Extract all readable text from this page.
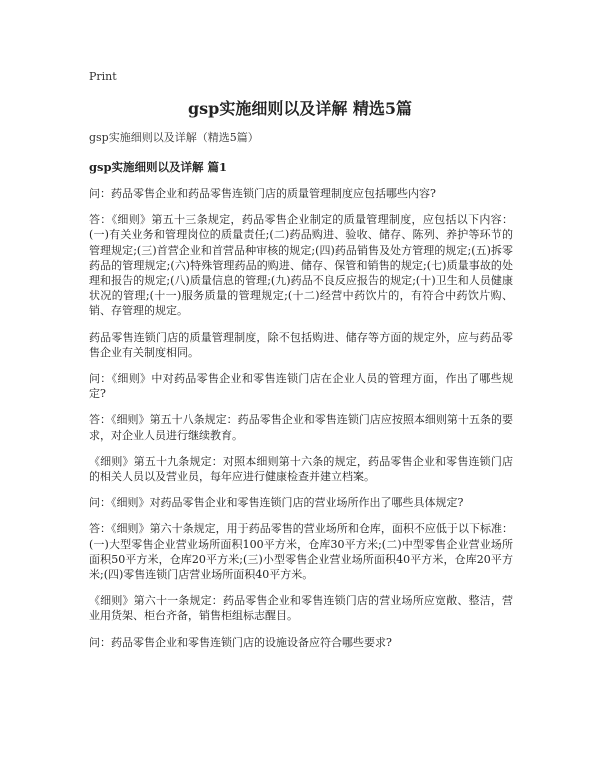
Print
gsp实施细则以及详解 精选5篇

gsp实施细则以及详解（精选5篇）

gsp实施细则以及详解 篇1

问：药品零售企业和药品零售连锁门店的质量管理制度应包括哪些内容?

答：《细则》第五十三条规定，药品零售企业制定的质量管理制度，应包括以下内容：(一)有关业务和管理岗位的质量责任;(二)药品购进、验收、储存、陈列、养护等环节的管理规定;(三)首营企业和首营品种审核的规定;(四)药品销售及处方管理的规定;(五)拆零药品的管理规定;(六)特殊管理药品的购进、储存、保管和销售的规定;(七)质量事故的处理和报告的规定;(八)质量信息的管理;(九)药品不良反应报告的规定;(十)卫生和人员健康状况的管理;(十一)服务质量的管理规定;(十二)经营中药饮片的，有符合中药饮片购、销、存管理的规定。

药品零售连锁门店的质量管理制度，除不包括购进、储存等方面的规定外，应与药品零售企业有关制度相同。

问：《细则》中对药品零售企业和零售连锁门店在企业人员的管理方面，作出了哪些规定?

答：《细则》第五十八条规定：药品零售企业和零售连锁门店应按照本细则第十五条的要求，对企业人员进行继续教育。

《细则》第五十九条规定：对照本细则第十六条的规定，药品零售企业和零售连锁门店的相关人员以及营业员，每年应进行健康检查并建立档案。

问：《细则》对药品零售企业和零售连锁门店的营业场所作出了哪些具体规定?

答：《细则》第六十条规定，用于药品零售的营业场所和仓库，面积不应低于以下标准：(一)大型零售企业营业场所面积100平方米，仓库30平方米;(二)中型零售企业营业场所面积50平方米，仓库20平方米;(三)小型零售企业营业场所面积40平方米，仓库20平方米;(四)零售连锁门店营业场所面积40平方米。

《细则》第六十一条规定：药品零售企业和零售连锁门店的营业场所应宽敞、整洁，营业用货架、柜台齐备，销售柜组标志醒目。

问：药品零售企业和零售连锁门店的设施设备应符合哪些要求?
